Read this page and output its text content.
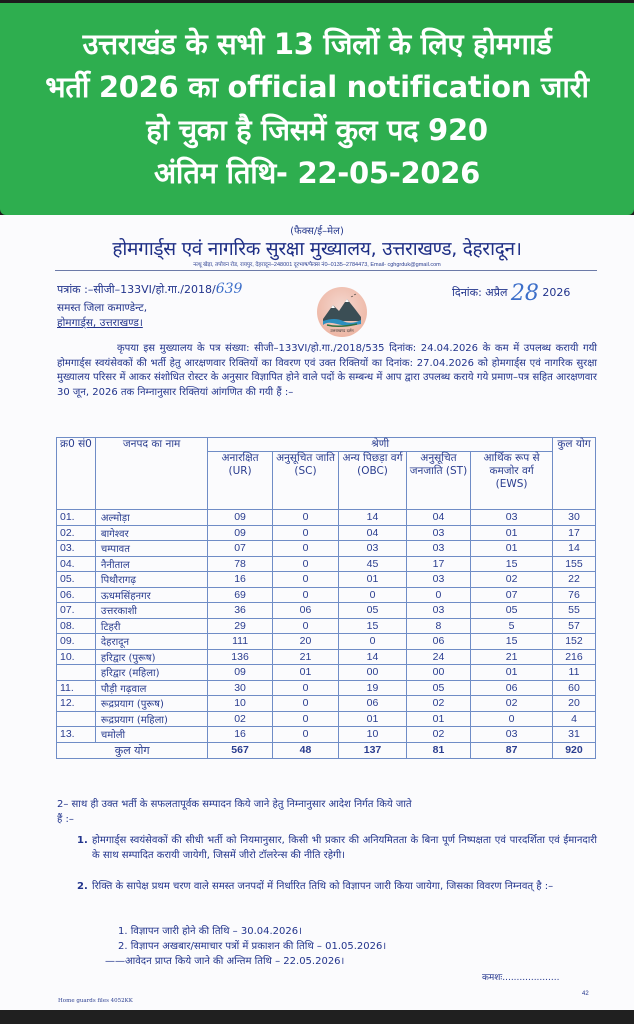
उत्तराखंड के सभी 13 जिलों के लिए होमगार्ड
भर्ती 2026 का official notification जारी
हो चुका है जिसमें कुल पद 920
अंतिम तिथि- 22-05-2026
(फैक्स/ई–मेल)
होमगार्ड्स एवं नागरिक सुरक्षा मुख्यालय, उत्तराखण्ड, देहरादून।
नत्थू खेड़ा, तपोवन रोड, रायपुर, देहरादून–248001 दूरभाष/फैक्स नं0–0135–2784473, Email- cghgrduk@gmail.com
पत्रांक :–सीजी–133VI/हो.गा./2018/639	दिनांक: अप्रैल 28 2026
उत्तराखण्ड दर्शन
समस्त जिला कमाण्डेन्ट,
होमगार्ड्स, उत्तराखण्ड।
कृपया इस मुख्यालय के पत्र संख्या: सीजी–133VI/हो.गा./2018/535 दिनांक: 24.04.2026 के कम में उपलब्ध करायी गयी होमगार्ड्स स्वयंसेवकों की भर्ती हेतु आरक्षणवार रिक्तियों का विवरण एवं उक्त रिक्तियों का दिनांक: 27.04.2026 को होमगार्ड्स एवं नागरिक सुरक्षा मुख्यालय परिसर में आकर संशोधित रोस्टर के अनुसार विज्ञापित होने वाले पदों के सम्बन्ध में आप द्वारा उपलब्ध कराये गये प्रमाण–पत्र सहित आरक्षणवार 30 जून, 2026 तक निम्नानुसार रिक्तियां आंगणित की गयी हैं :–
क्र0 सं0	जनपद का नाम	श्रेणी					कुल योग
		अनारक्षित (UR)	अनुसूचित जाति (SC)	अन्य पिछड़ा वर्ग (OBC)	अनुसूचित जनजाति (ST)	आर्थिक रूप से कमजोर वर्ग (EWS)	
01.	अल्मोड़ा	09	0	14	04	03	30
02.	बागेश्वर	09	0	04	03	01	17
03.	चम्पावत	07	0	03	03	01	14
04.	नैनीताल	78	0	45	17	15	155
05.	पिथौरागढ़	16	0	01	03	02	22
06.	ऊधमसिंहनगर	69	0	0	0	07	76
07.	उत्तरकाशी	36	06	05	03	05	55
08.	टिहरी	29	0	15	8	5	57
09.	देहरादून	111	20	0	06	15	152
10.	हरिद्वार (पुरूष)	136	21	14	24	21	216
	हरिद्वार (महिला)	09	01	00	00	01	11
11.	पौड़ी गढ़वाल	30	0	19	05	06	60
12.	रूद्रप्रयाग (पुरूष)	10	0	06	02	02	20
	रूद्रप्रयाग (महिला)	02	0	01	01	0	4
13.	चमोली	16	0	10	02	03	31
कुल योग		567	48	137	81	87	920
2– साथ ही उक्त भर्ती के सफलतापूर्वक सम्पादन किये जाने हेतु निम्नानुसार आदेश निर्गत किये जाते
हैं :–
1. होमगार्ड्स स्वयंसेवकों की सीधी भर्ती को नियमानुसार, किसी भी प्रकार की अनियमितता के बिना पूर्ण निष्पक्षता एवं पारदर्शिता एवं ईमानदारी के साथ सम्पादित करायी जायेगी, जिसमें जीरो टॉलरेन्स की नीति रहेगी।
2. रिक्ति के सापेक्ष प्रथम चरण वाले समस्त जनपदों में निर्धारित तिथि को विज्ञापन जारी किया जायेगा, जिसका विवरण निम्नवत् है :–
1. विज्ञापन जारी होने की तिथि – 30.04.2026।
2. विज्ञापन अखबार/समाचार पत्रों में प्रकाशन की तिथि – 01.05.2026।
——आवेदन प्राप्त किये जाने की अन्तिम तिथि – 22.05.2026।
कमशः....................
42
Home guards files 4052KK
